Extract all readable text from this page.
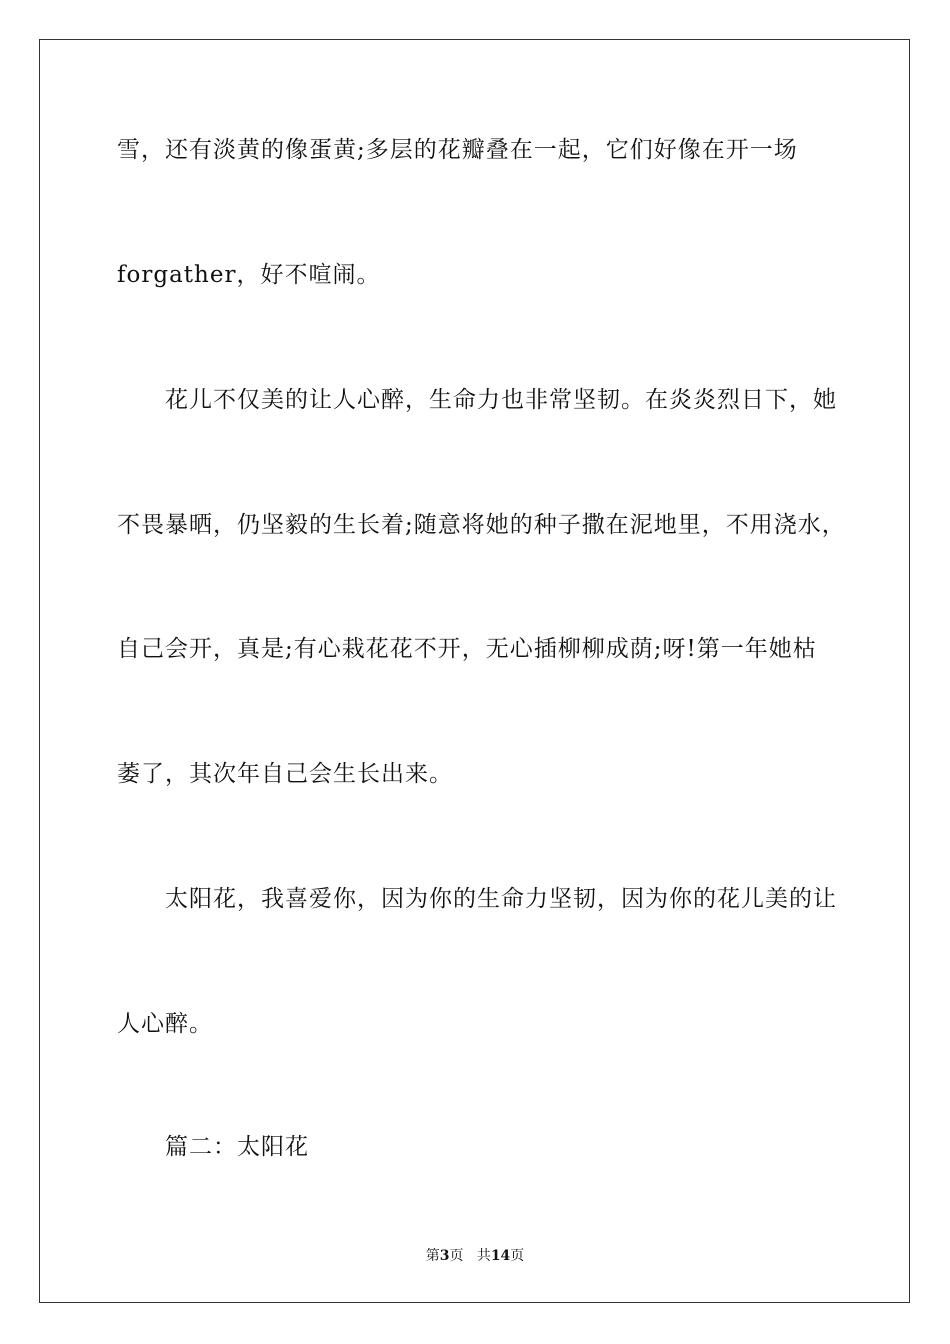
雪，还有淡黄的像蛋黄;多层的花瓣叠在一起，它们好像在开一场
forgather，好不喧闹。
花儿不仅美的让人心醉，生命力也非常坚韧。在炎炎烈日下，她
不畏暴晒，仍坚毅的生长着;随意将她的种子撒在泥地里，不用浇水，
自己会开，真是;有心栽花花不开，无心插柳柳成荫;呀!第一年她枯
萎了，其次年自己会生长出来。
太阳花，我喜爱你，因为你的生命力坚韧，因为你的花儿美的让
人心醉。
篇二：太阳花
第3页 共14页
